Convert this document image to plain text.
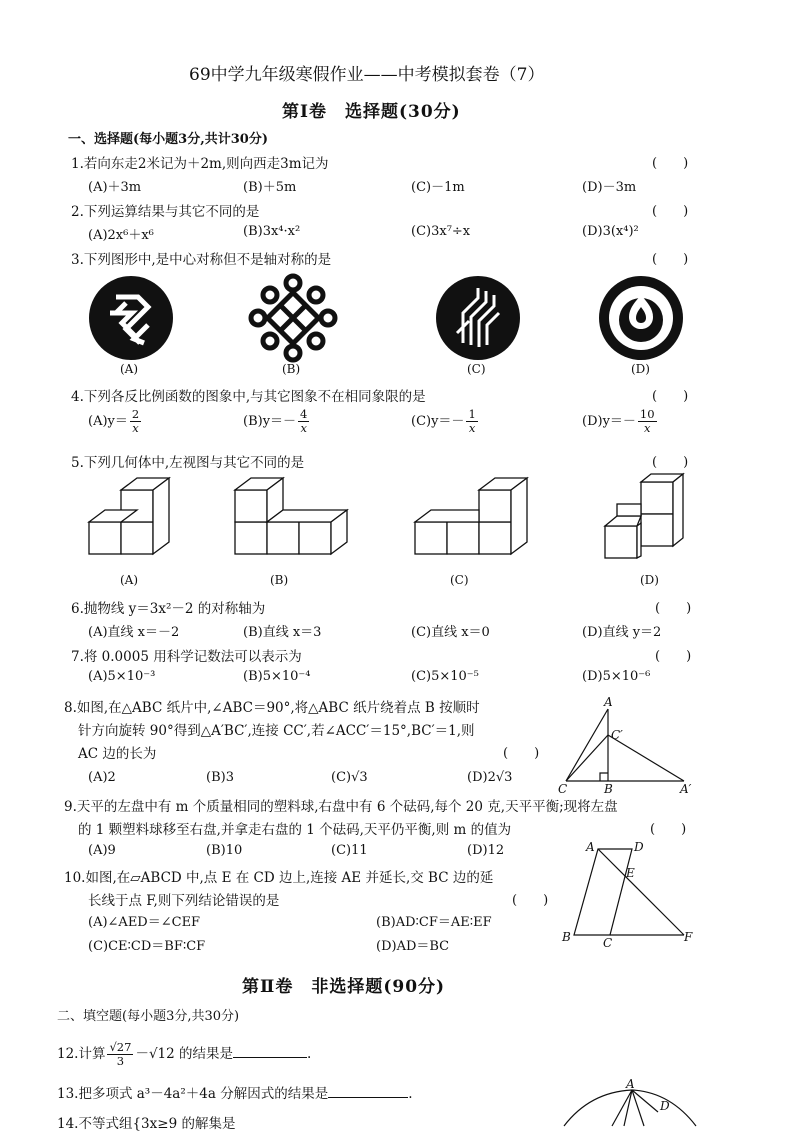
69中学九年级寒假作业——中考模拟套卷（7）
第Ⅰ卷　选择题(30分)
一、选择题(每小题3分,共计30分)
1.若向东走2米记为＋2m,则向西走3m记为	(　　)
(A)＋3m	(B)＋5m	(C)－1m	(D)－3m
2.下列运算结果与其它不同的是	(　　)
(A)2x⁶＋x⁶	(B)3x⁴·x²	(C)3x⁷÷x	(D)3(x⁴)²
3.下列图形中,是中心对称但不是轴对称的是	(　　)
(A)	(B)	(C)	(D)
4.下列各反比例函数的图象中,与其它图象不在相同象限的是	(　　)
$(A)y= \frac{2}{x}$	$(B)y=- \frac{4}{x}$	$(C)y=- \frac{1}{x}$	$(D)y=- \frac{10}{x}$
5.下列几何体中,左视图与其它不同的是	(　　)
(A)	(B)	(C)	(D)
6.抛物线 y＝3x²－2 的对称轴为	(　　)
(A)直线 x＝－2	(B)直线 x＝3	(C)直线 x＝0	(D)直线 y＝2
7.将 0.0005 用科学记数法可以表示为	(　　)
(A)5×10⁻³	(B)5×10⁻⁴	(C)5×10⁻⁵	(D)5×10⁻⁶
8.如图,在△ABC 纸片中,∠ABC＝90°,将△ABC 纸片绕着点 B 按顺时
针方向旋转 90°得到△A′BC′,连接 CC′,若∠ACC′＝15°,BC′＝1,则
AC 边的长为	(　　)
(A)2	(B)3	(C)√3	(D)2√3
A
C′
C	B	A′
9.天平的左盘中有 m 个质量相同的塑料球,右盘中有 6 个砝码,每个 20 克,天平平衡;现将左盘
的 1 颗塑料球移至右盘,并拿走右盘的 1 个砝码,天平仍平衡,则 m 的值为	(　　)
(A)9	(B)10	(C)11	(D)12
10.如图,在▱ABCD 中,点 E 在 CD 边上,连接 AE 并延长,交 BC 边的延
长线于点 F,则下列结论错误的是	(　　)
(A)∠AED＝∠CEF	(B)AD∶CF＝AE∶EF
(C)CE∶CD＝BF∶CF	(D)AD＝BC
A	D
E
B	C	F
第Ⅱ卷　非选择题(90分)
二、填空题(每小题3分,共30分)
12.计算 $\frac{√27}{3} -√12$ 的结果是	.
13.把多项式 a³－4a²＋4a 分解因式的结果是	.
14.不等式组{3x≥9 的解集是
A
D
